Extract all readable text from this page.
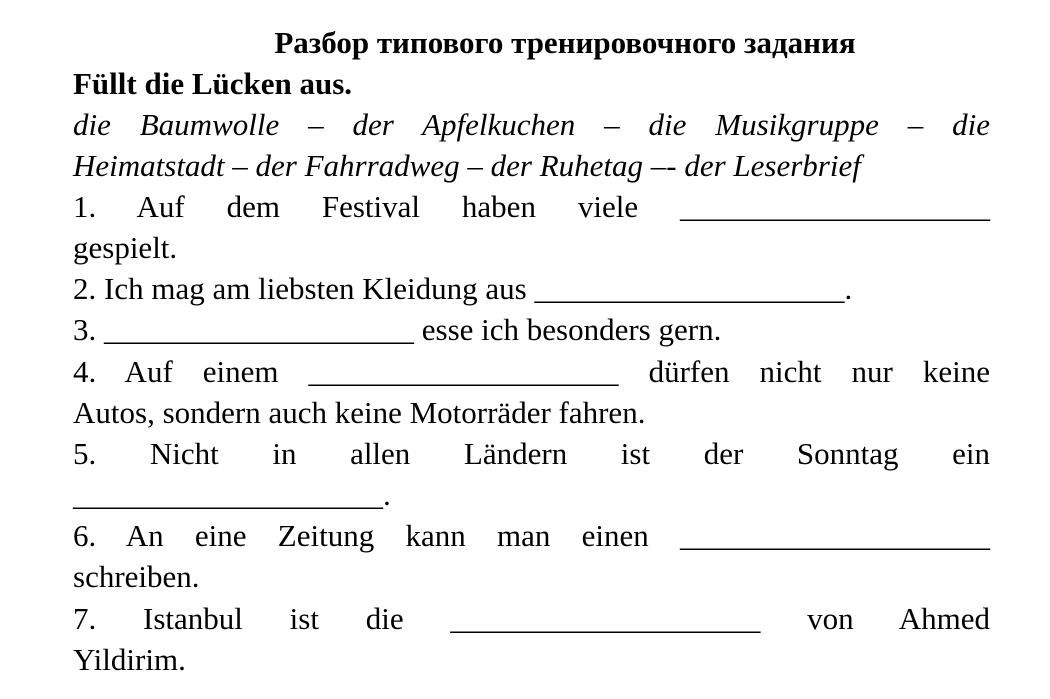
Разбор типового тренировочного задания
Füllt die Lücken aus.
die Baumwolle – der Apfelkuchen – die Musikgruppe – die
Heimatstadt – der Fahrradweg – der Ruhetag –- der Leserbrief
1. Auf dem Festival haben viele ____________________
gespielt.
2. Ich mag am liebsten Kleidung aus ____________________.
3. ____________________ esse ich besonders gern.
4. Auf einem ____________________ dürfen nicht nur keine
Autos, sondern auch keine Motorräder fahren.
5. Nicht in allen Ländern ist der Sonntag ein
____________________.
6. An eine Zeitung kann man einen ____________________
schreiben.
7. Istanbul ist die ____________________ von Ahmed
Yildirim.
